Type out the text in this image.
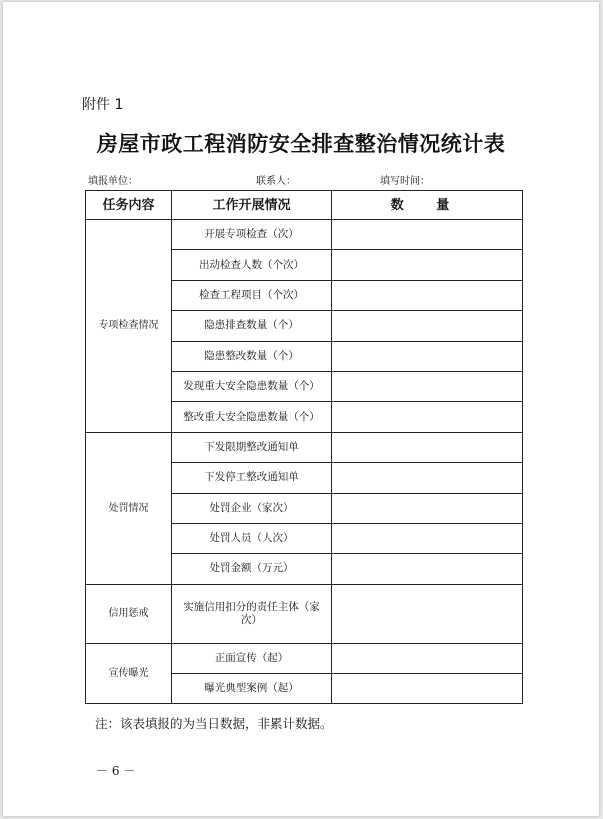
附件 1
房屋市政工程消防安全排查整治情况统计表
填报单位：	联系人：	填写时间：
任务内容	工作开展情况	数 量
专项检查情况	开展专项检查（次）	
	出动检查人数（个次）	
	检查工程项目（个次）	
	隐患排查数量（个）	
	隐患整改数量（个）	
	发现重大安全隐患数量（个）	
	整改重大安全隐患数量（个）	
处罚情况	下发限期整改通知单	
	下发停工整改通知单	
	处罚企业（家次）	
	处罚人员（人次）	
	处罚金额（万元）	
信用惩戒	实施信用扣分的责任主体（家次）	
宣传曝光	正面宣传（起）	
	曝光典型案例（起）	
注：该表填报的为当日数据，非累计数据。
－ 6 －
